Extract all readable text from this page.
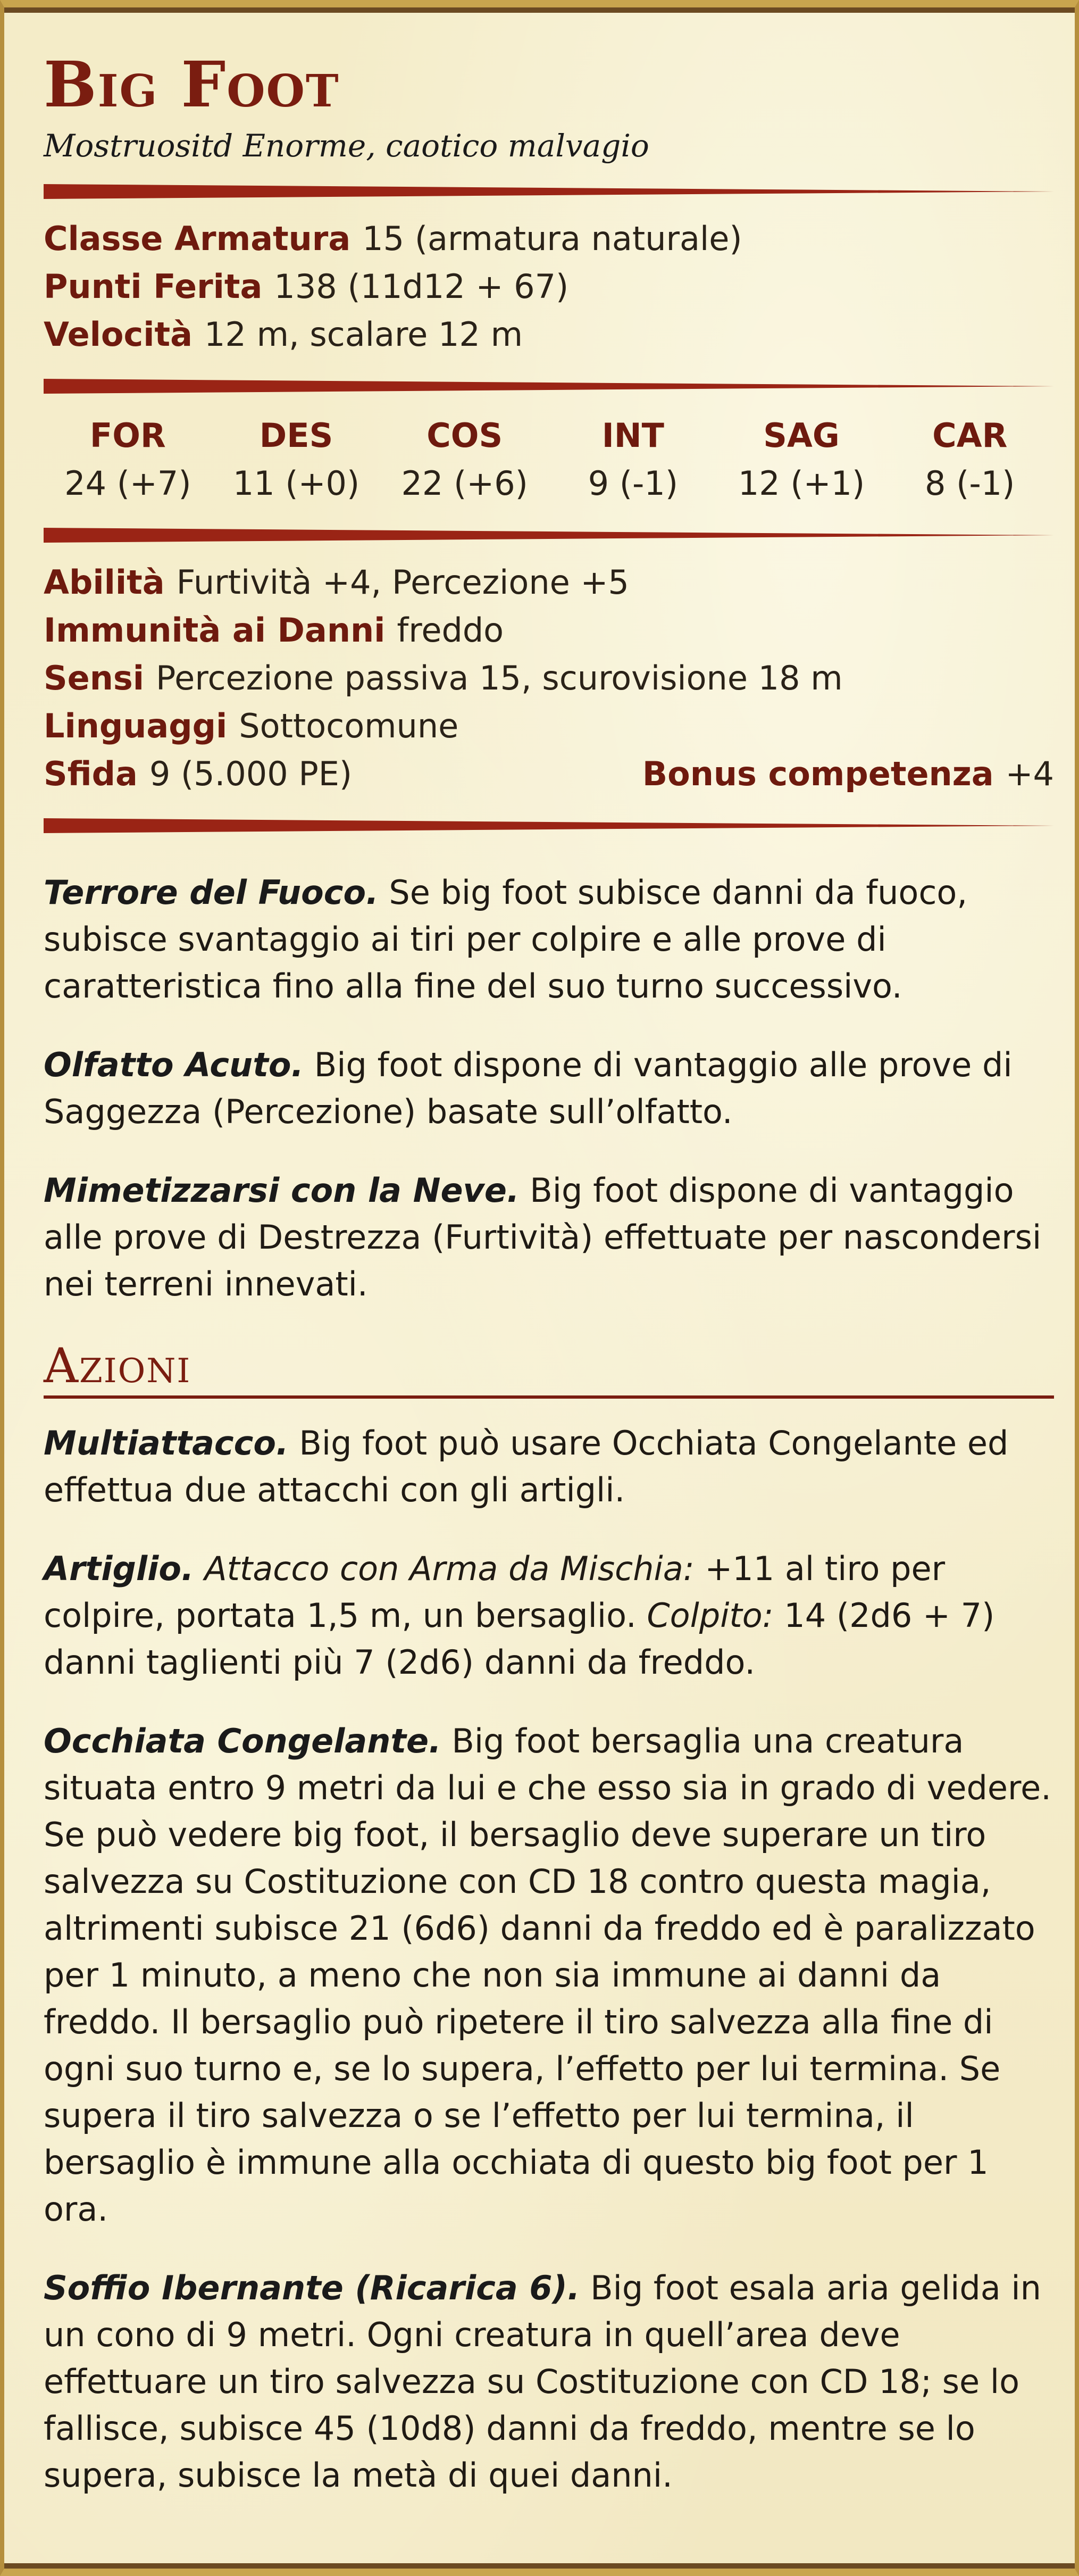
Big Foot
Mostruositd Enorme, caotico malvagio
Classe Armatura 15 (armatura naturale)
Punti Ferita 138 (11d12 + 67)
Velocità 12 m, scalare 12 m
FOR
24 (+7)
DES
11 (+0)
COS
22 (+6)
INT
9 (-1)
SAG
12 (+1)
CAR
8 (-1)
Abilità Furtività +4, Percezione +5
Immunità ai Danni freddo
Sensi Percezione passiva 15, scurovisione 18 m
Linguaggi Sottocomune
Sfida 9 (5.000 PE)	Bonus competenza +4

Terrore del Fuoco. Se big foot subisce danni da fuoco, subisce svantaggio ai tiri per colpire e alle prove di caratteristica fino alla fine del suo turno successivo.

Olfatto Acuto. Big foot dispone di vantaggio alle prove di Saggezza (Percezione) basate sull’olfatto.

Mimetizzarsi con la Neve. Big foot dispone di vantaggio alle prove di Destrezza (Furtività) effettuate per nascondersi nei terreni innevati.

Azioni

Multiattacco. Big foot può usare Occhiata Congelante ed effettua due attacchi con gli artigli.

Artiglio. Attacco con Arma da Mischia: +11 al tiro per colpire, portata 1,5 m, un bersaglio. Colpito: 14 (2d6 + 7) danni taglienti più 7 (2d6) danni da freddo.

Occhiata Congelante. Big foot bersaglia una creatura situata entro 9 metri da lui e che esso sia in grado di vedere. Se può vedere big foot, il bersaglio deve superare un tiro salvezza su Costituzione con CD 18 contro questa magia, altrimenti subisce 21 (6d6) danni da freddo ed è paralizzato per 1 minuto, a meno che non sia immune ai danni da freddo. Il bersaglio può ripetere il tiro salvezza alla fine di ogni suo turno e, se lo supera, l’effetto per lui termina. Se supera il tiro salvezza o se l’effetto per lui termina, il bersaglio è immune alla occhiata di questo big foot per 1 ora.

Soffio Ibernante (Ricarica 6). Big foot esala aria gelida in un cono di 9 metri. Ogni creatura in quell’area deve effettuare un tiro salvezza su Costituzione con CD 18; se lo fallisce, subisce 45 (10d8) danni da freddo, mentre se lo supera, subisce la metà di quei danni.
